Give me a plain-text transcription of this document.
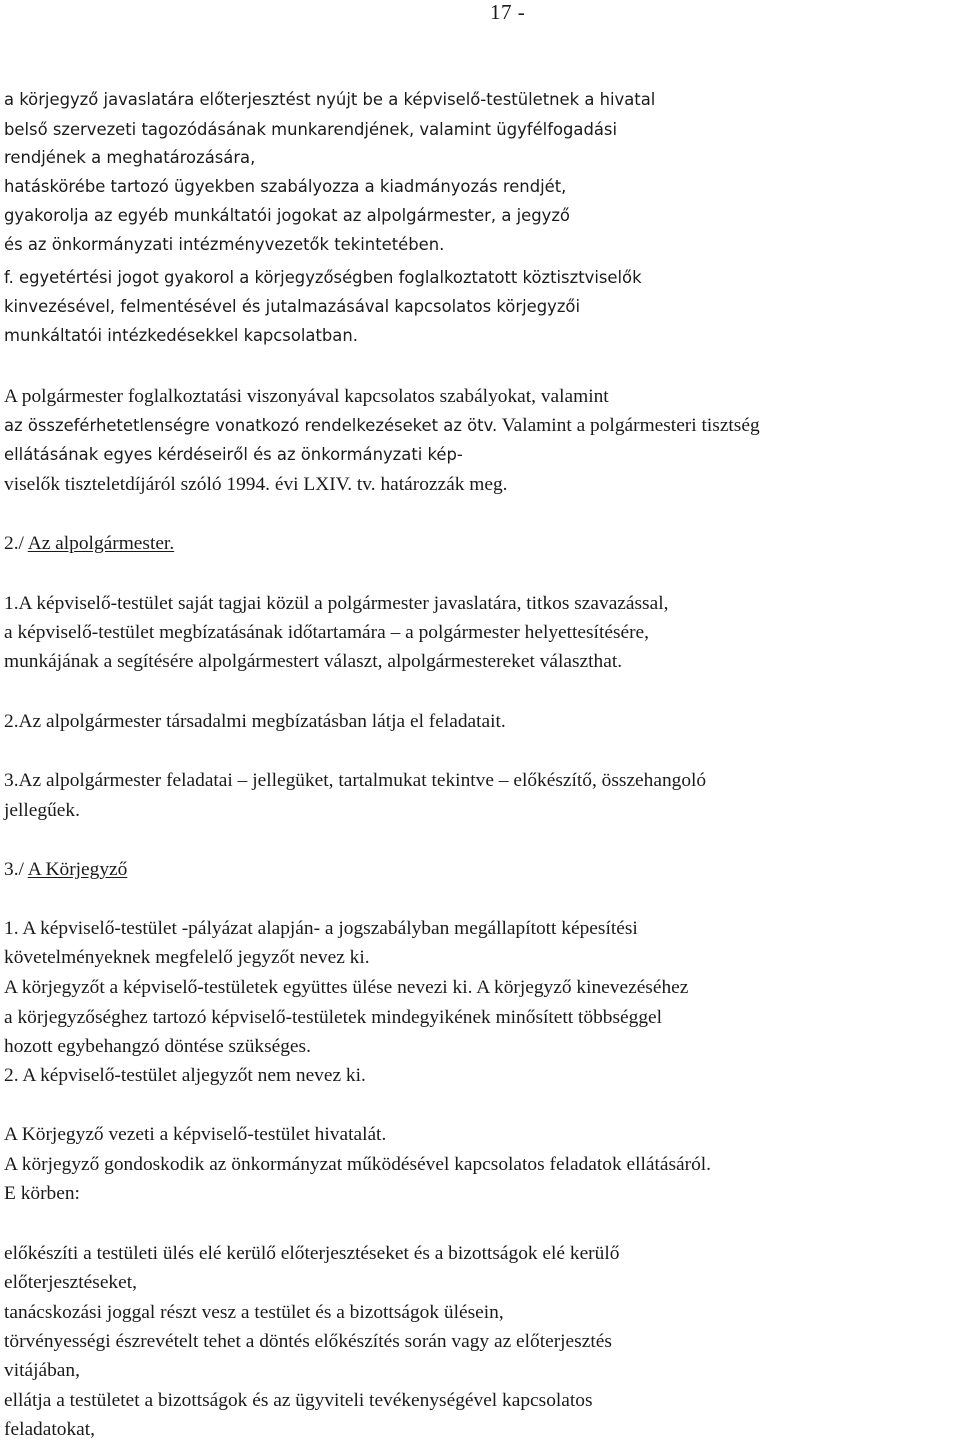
17 -

a körjegyző javaslatára előterjesztést nyújt be a képviselő-testületnek a hivatal

belső szervezeti tagozódásának munkarendjének, valamint ügyfélfogadási

rendjének a meghatározására,

hatáskörébe tartozó ügyekben szabályozza a kiadmányozás rendjét,

gyakorolja az egyéb munkáltatói jogokat az alpolgármester, a jegyző

és az önkormányzati intézményvezetők tekintetében.

f. egyetértési jogot gyakorol a körjegyzőségben foglalkoztatott köztisztviselők

kinvezésével, felmentésével és jutalmazásával kapcsolatos körjegyzői

munkáltatói intézkedésekkel kapcsolatban.

A polgármester foglalkoztatási viszonyával kapcsolatos szabályokat, valamint

az összeférhetetlenségre vonatkozó rendelkezéseket az ötv. Valamint a polgármesteri tisztség

ellátásának egyes kérdéseiről és az önkormányzati kép-

viselők tiszteletdíjáról szóló 1994. évi LXIV. tv. határozzák meg.

2./ Az alpolgármester.

1.A képviselő-testület saját tagjai közül a polgármester javaslatára, titkos szavazással,

a képviselő-testület megbízatásának időtartamára – a polgármester helyettesítésére,

munkájának a segítésére alpolgármestert választ, alpolgármestereket választhat.

2.Az alpolgármester társadalmi megbízatásban látja el feladatait.

3.Az alpolgármester feladatai – jellegüket, tartalmukat tekintve – előkészítő, összehangoló

jellegűek.

3./ A Körjegyző

1. A képviselő-testület -pályázat alapján- a jogszabályban megállapított képesítési

követelményeknek megfelelő jegyzőt nevez ki.

A körjegyzőt a képviselő-testületek együttes ülése nevezi ki. A körjegyző kinevezéséhez

a körjegyzőséghez tartozó képviselő-testületek mindegyikének minősített többséggel

hozott egybehangzó döntése szükséges.

2. A képviselő-testület aljegyzőt nem nevez ki.

A Körjegyző vezeti a képviselő-testület hivatalát.

A körjegyző gondoskodik az önkormányzat működésével kapcsolatos feladatok ellátásáról.

E körben:

előkészíti a testületi ülés elé kerülő előterjesztéseket és a bizottságok elé kerülő

előterjesztéseket,

tanácskozási joggal részt vesz a testület és a bizottságok ülésein,

törvényességi észrevételt tehet a döntés előkészítés során vagy az előterjesztés

vitájában,

ellátja a testületet a bizottságok és az ügyviteli tevékenységével kapcsolatos

feladatokat,
